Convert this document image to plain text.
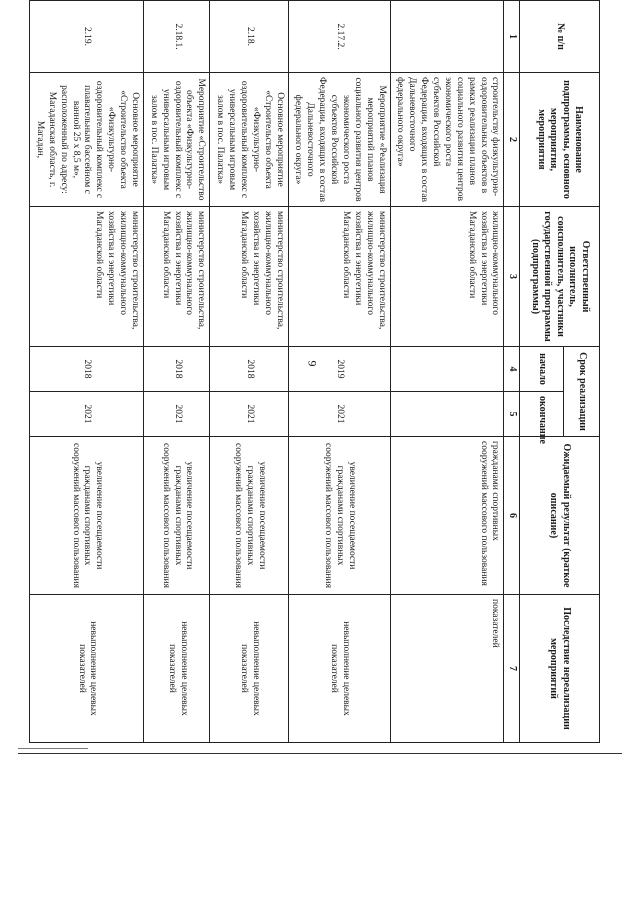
9
№ п/п	Наименование подпрограммы, основного мероприятия, мероприятия	Ответственный исполнитель, соисполнитель, участники государственной программы (подпрограммы)	Срок реализации		Ожидаемый результат (краткое описание)	Последствие нереализации мероприятий
			начало	окончание		
1	2	3	4	5	6	7
	строительству физкультурно-оздоровительных объектов в рамках реализации планов социального развития центров экономического роста субъектов Российской Федерации, входящих в состав Дальневосточного федерального округа»	жилищно-коммунального хозяйства и энергетики Магаданской области			гражданами спортивных сооружений массового пользования	показателей
2.17.2.	Мероприятие «Реализация мероприятий планов социального развития центров экономического роста субъектов Российской Федерации, входящих в состав Дальневосточного федерального округа»	министерство строительства, жилищно-коммунального хозяйства и энергетики Магаданской области	2019	2021	увеличение посещаемости гражданами спортивных сооружений массового пользования	невыполнение целевых показателей
2.18.	Основное мероприятие «Строительство объекта «Физкультурно-оздоровительный комплекс с универсальным игровым залом в пос. Палатка»	министерство строительства, жилищно-коммунального хозяйства и энергетики Магаданской области	2018	2021	увеличение посещаемости гражданами спортивных сооружений массового пользования	невыполнение целевых показателей
2.18.1.	Мероприятие «Строительство объекта «Физкультурно-оздоровительный комплекс с универсальным игровым залом в пос. Палатка»	министерство строительства, жилищно-коммунального хозяйства и энергетики Магаданской области	2018	2021	увеличение посещаемости гражданами спортивных сооружений массового пользования	невыполнение целевых показателей
2.19.	Основное мероприятие «Строительство объекта «Физкультурно-оздоровительный комплекс с плавательным бассейном с ванной 25 х 8,5 м», расположенный по адресу: Магаданская область, г. Магадан,	министерство строительства, жилищно-коммунального хозяйства и энергетики Магаданской области	2018	2021	увеличение посещаемости гражданами спортивных сооружений массового пользования	невыполнение целевых показателей
